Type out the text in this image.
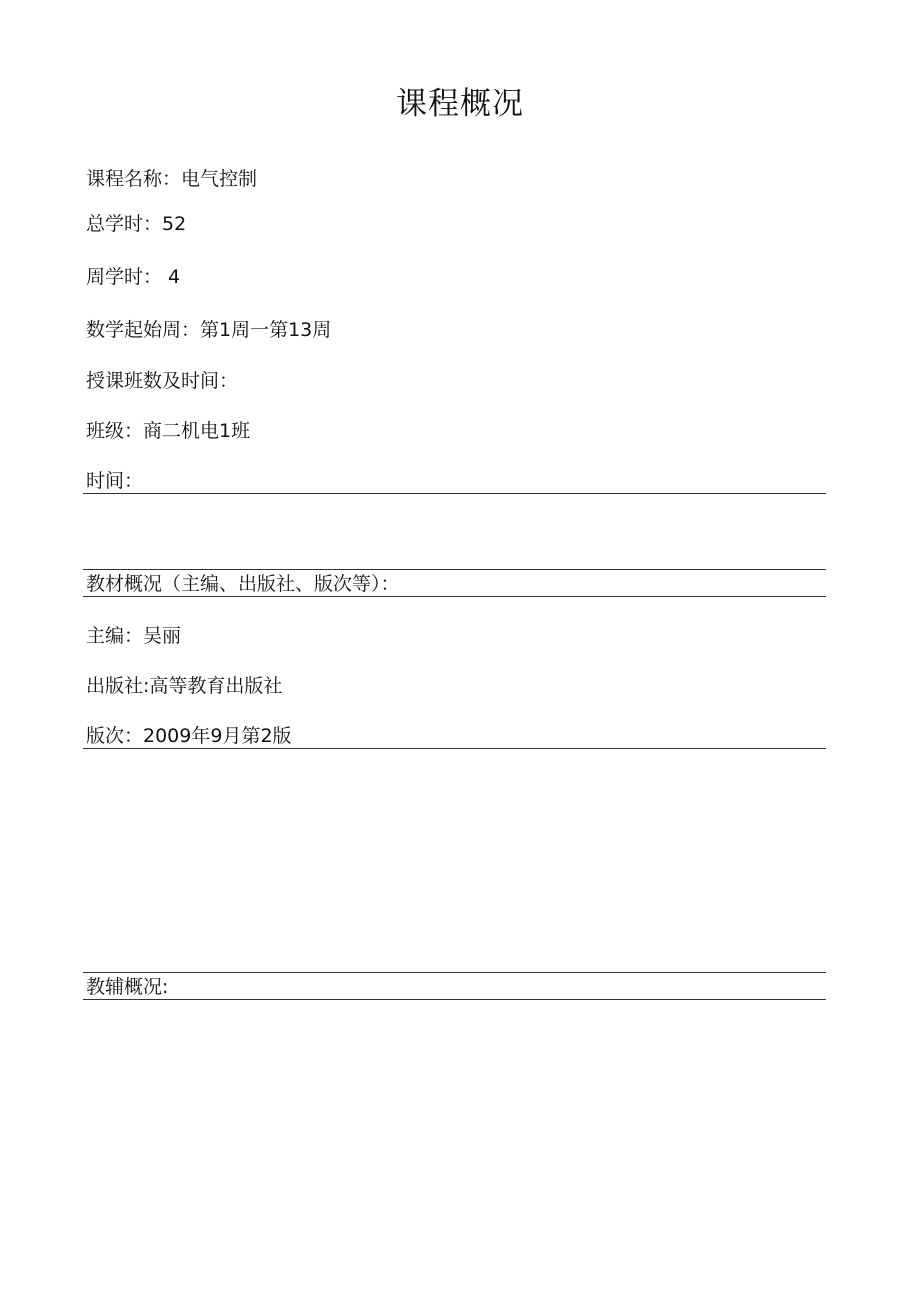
课程概况
课程名称：电气控制
总学时：52
周学时： 4
数学起始周：第1周一第13周
授课班数及时间：
班级：商二机电1班
时间：
教材概况（主编、出版社、版次等）：
主编：吴丽
出版社:高等教育出版社
版次：2009年9月第2版
教辅概况:
